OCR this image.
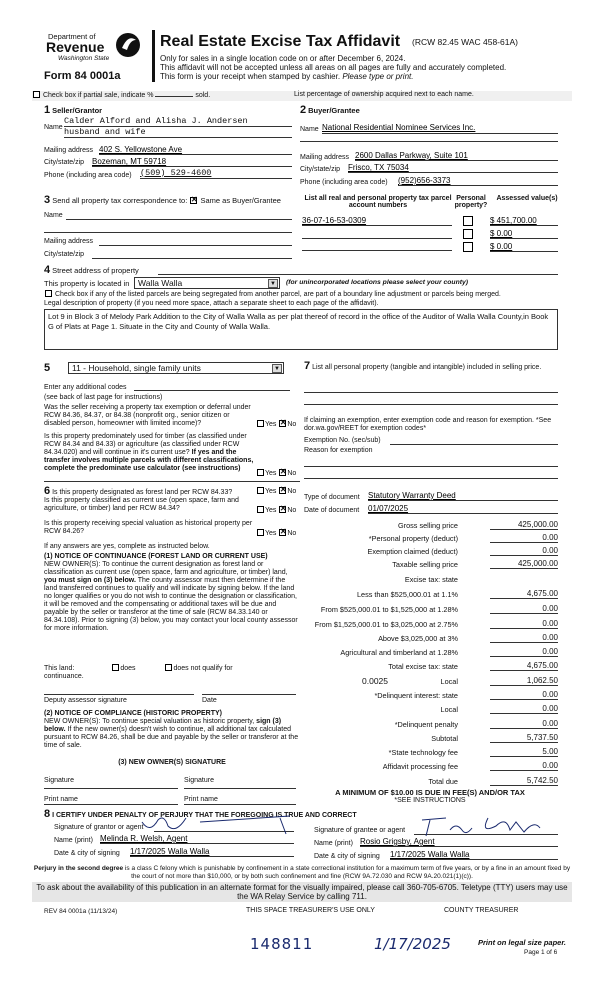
Department of
Revenue
Washington State
Form 84 0001a
Real Estate Excise Tax Affidavit (RCW 82.45 WAC 458-61A)
Only for sales in a single location code on or after December 6, 2024.
This affidavit will not be accepted unless all areas on all pages are fully and accurately completed.
This form is your receipt when stamped by cashier. Please type or print.
Check box if partial sale, indicate %	sold.	List percentage of ownership acquired next to each name.
1 Seller/Grantor
Name
Calder Alford and Alisha J. Andersen
husband and wife
Mailing address 402 S. Yellowstone Ave
City/state/zip Bozeman, MT 59718
Phone (including area code) (509) 529-4600
2 Buyer/Grantee
Name National Residential Nominee Services Inc.
Mailing address 2600 Dallas Parkway, Suite 101
City/state/zip Frisco, TX 75034
Phone (including area code) (952)656-3373
3 Send all property tax correspondence to: ✕ Same as Buyer/Grantee
Name
Mailing address
City/state/zip
List all real and personal property tax parcel account numbers
Personal property?
Assessed value(s)
36-07-16-53-0309	$ 451,700.00
$ 0.00
$ 0.00
4 Street address of property
This property is located in	Walla Walla	▼ (for unincorporated locations please select your county)
Check box if any of the listed parcels are being segregated from another parcel, are part of a boundary line adjustment or parcels being merged.
Legal description of property (if you need more space, attach a separate sheet to each page of the affidavit).
Lot 9 in Block 3 of Melody Park Addition to the City of Walla Walla as per plat thereof of record in the office of the Auditor of Walla Walla County,in Book G of Plats at Page 1. Situate in the City and County of Walla Walla.
5	11 - Household, single family units	▼
Enter any additional codes
(see back of last page for instructions)
Was the seller receiving a property tax exemption or deferral under RCW 84.36, 84.37, or 84.38 (nonprofit org., senior citizen or disabled person, homeowner with limited income)?	Yes ✕ No
Is this property predominately used for timber (as classified under RCW 84.34 and 84.33) or agriculture (as classified under RCW 84.34.020) and will continue in it's current use? If yes and the transfer involves multiple parcels with different classifications, complete the predominate use calculator (see instructions)
Yes ✕ No
6 Is this property designated as forest land per RCW 84.33?	Yes ✕ No
Is this property classified as current use (open space, farm and agriculture, or timber) land per RCW 84.34?	Yes ✕ No
Is this property receiving special valuation as historical property per RCW 84.26?	Yes ✕ No
If any answers are yes, complete as instructed below.
(1) NOTICE OF CONTINUANCE (FOREST LAND OR CURRENT USE)
NEW OWNER(S): To continue the current designation as forest land or classification as current use (open space, farm and agriculture, or timber) land, you must sign on (3) below. The county assessor must then determine if the land transferred continues to qualify and will indicate by signing below. If the land no longer qualifies or you do not wish to continue the designation or classification, it will be removed and the compensating or additional taxes will be due and payable by the seller or transferor at the time of sale (RCW 84.33.140 or 84.34.108). Prior to signing (3) below, you may contact your local county assessor for more information.
This land:	does	does not qualify for
continuance.
Deputy assessor signature	Date
(2) NOTICE OF COMPLIANCE (HISTORIC PROPERTY)
NEW OWNER(S): To continue special valuation as historic property, sign (3) below. If the new owner(s) doesn't wish to continue, all additional tax calculated pursuant to RCW 84.26, shall be due and payable by the seller or transferor at the time of sale.
(3) NEW OWNER(S) SIGNATURE
Signature	Signature
Print name	Print name
7 List all personal property (tangible and intangible) included in selling price.
If claiming an exemption, enter exemption code and reason for exemption. *See dor.wa.gov/REET for exemption codes*
Exemption No. (sec/sub)
Reason for exemption
Type of document Statutory Warranty Deed
Date of document 01/07/2025
Gross selling price	425,000.00
*Personal property (deduct)	0.00
Exemption claimed (deduct)	0.00
Taxable selling price	425,000.00
Excise tax: state
Less than $525,000.01 at 1.1%	4,675.00
From $525,000.01 to $1,525,000 at 1.28%	0.00
From $1,525,000.01 to $3,025,000 at 2.75%	0.00
Above $3,025,000 at 3%	0.00
Agricultural and timberland at 1.28%	0.00
Total excise tax: state	4,675.00
0.0025	Local	1,062.50
*Delinquent interest: state	0.00
Local	0.00
*Delinquent penalty	0.00
Subtotal	5,737.50
*State technology fee	5.00
Affidavit processing fee	0.00
Total due	5,742.50
A MINIMUM OF $10.00 IS DUE IN FEE(S) AND/OR TAX
*SEE INSTRUCTIONS
8 I CERTIFY UNDER PENALTY OF PERJURY THAT THE FOREGOING IS TRUE AND CORRECT
Signature of grantor or agent
Name (print) Melinda R. Welsh, Agent
Date & city of signing 1/17/2025 Walla Walla
Signature of grantee or agent
Name (print) Rosio Grigsby, Agent
Date & city of signing 1/17/2025 Walla Walla
Perjury in the second degree is a class C felony which is punishable by confinement in a state correctional institution for a maximum term of five years, or by a fine in an amount fixed by the court of not more than $10,000, or by both such confinement and fine (RCW 9A.72.030 and RCW 9A.20.021(1)(c)).
To ask about the availability of this publication in an alternate format for the visually impaired, please call 360-705-6705. Teletype (TTY) users may use the WA Relay Service by calling 711.
REV 84 0001a (11/13/24)	THIS SPACE TREASURER'S USE ONLY	COUNTY TREASURER
148811	1/17/2025	Print on legal size paper.
Page 1 of 6
